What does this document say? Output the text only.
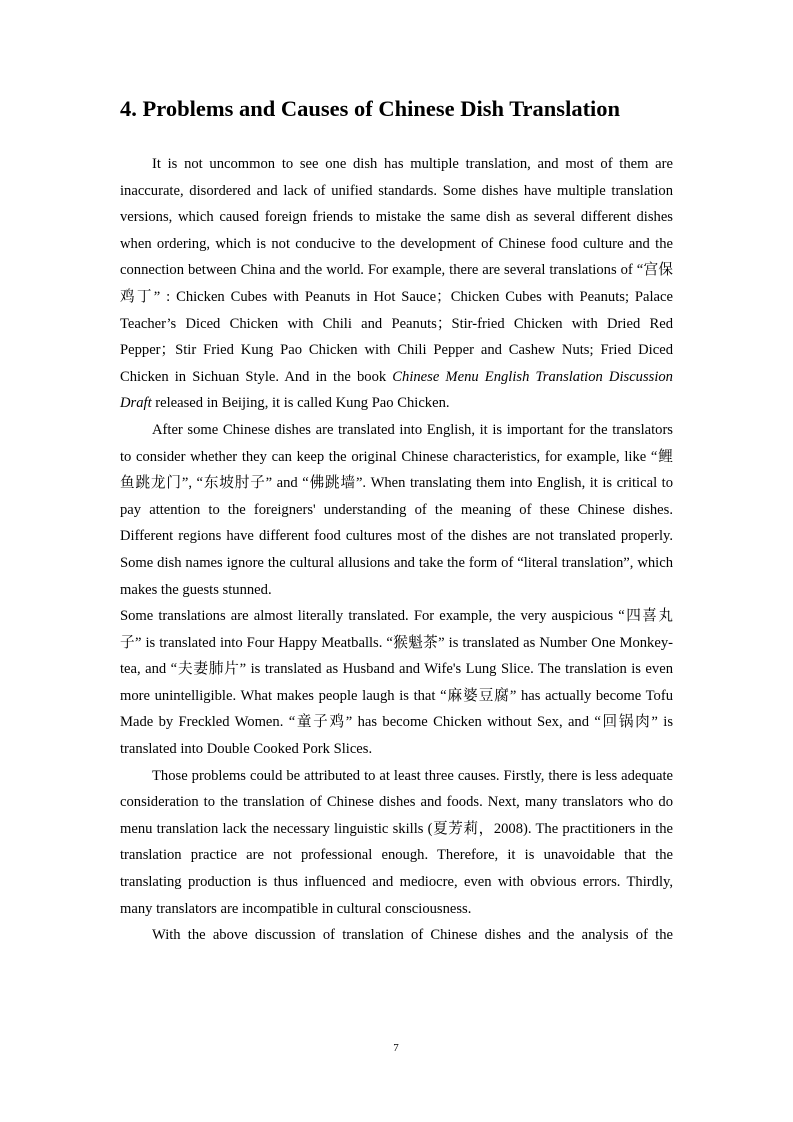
4. Problems and Causes of Chinese Dish Translation

It is not uncommon to see one dish has multiple translation, and most of them are inaccurate, disordered and lack of unified standards. Some dishes have multiple translation versions, which caused foreign friends to mistake the same dish as several different dishes when ordering, which is not conducive to the development of Chinese food culture and the connection between China and the world. For example, there are several translations of “宫保鸡丁” : Chicken Cubes with Peanuts in Hot Sauce；Chicken Cubes with Peanuts; Palace Teacher’s Diced Chicken with Chili and Peanuts；Stir-fried Chicken with Dried Red Pepper；Stir Fried Kung Pao Chicken with Chili Pepper and Cashew Nuts; Fried Diced Chicken in Sichuan Style. And in the book Chinese Menu English Translation Discussion Draft released in Beijing, it is called Kung Pao Chicken.

After some Chinese dishes are translated into English, it is important for the translators to consider whether they can keep the original Chinese characteristics, for example, like “鲤鱼跳龙门”, “东坡肘子” and “佛跳墙”. When translating them into English, it is critical to pay attention to the foreigners' understanding of the meaning of these Chinese dishes. Different regions have different food cultures most of the dishes are not translated properly. Some dish names ignore the cultural allusions and take the form of “literal translation”, which makes the guests stunned.

Some translations are almost literally translated. For example, the very auspicious “四喜丸子” is translated into Four Happy Meatballs. “猴魁茶” is translated as Number One Monkey-tea, and “夫妻肺片” is translated as Husband and Wife's Lung Slice. The translation is even more unintelligible. What makes people laugh is that “麻婆豆腐” has actually become Tofu Made by Freckled Women. “童子鸡” has become Chicken without Sex, and “回锅肉” is translated into Double Cooked Pork Slices.

Those problems could be attributed to at least three causes. Firstly, there is less adequate consideration to the translation of Chinese dishes and foods. Next, many translators who do menu translation lack the necessary linguistic skills (夏芳莉，2008). The practitioners in the translation practice are not professional enough. Therefore, it is unavoidable that the translating production is thus influenced and mediocre, even with obvious errors. Thirdly, many translators are incompatible in cultural consciousness.

With the above discussion of translation of Chinese dishes and the analysis of the

7
